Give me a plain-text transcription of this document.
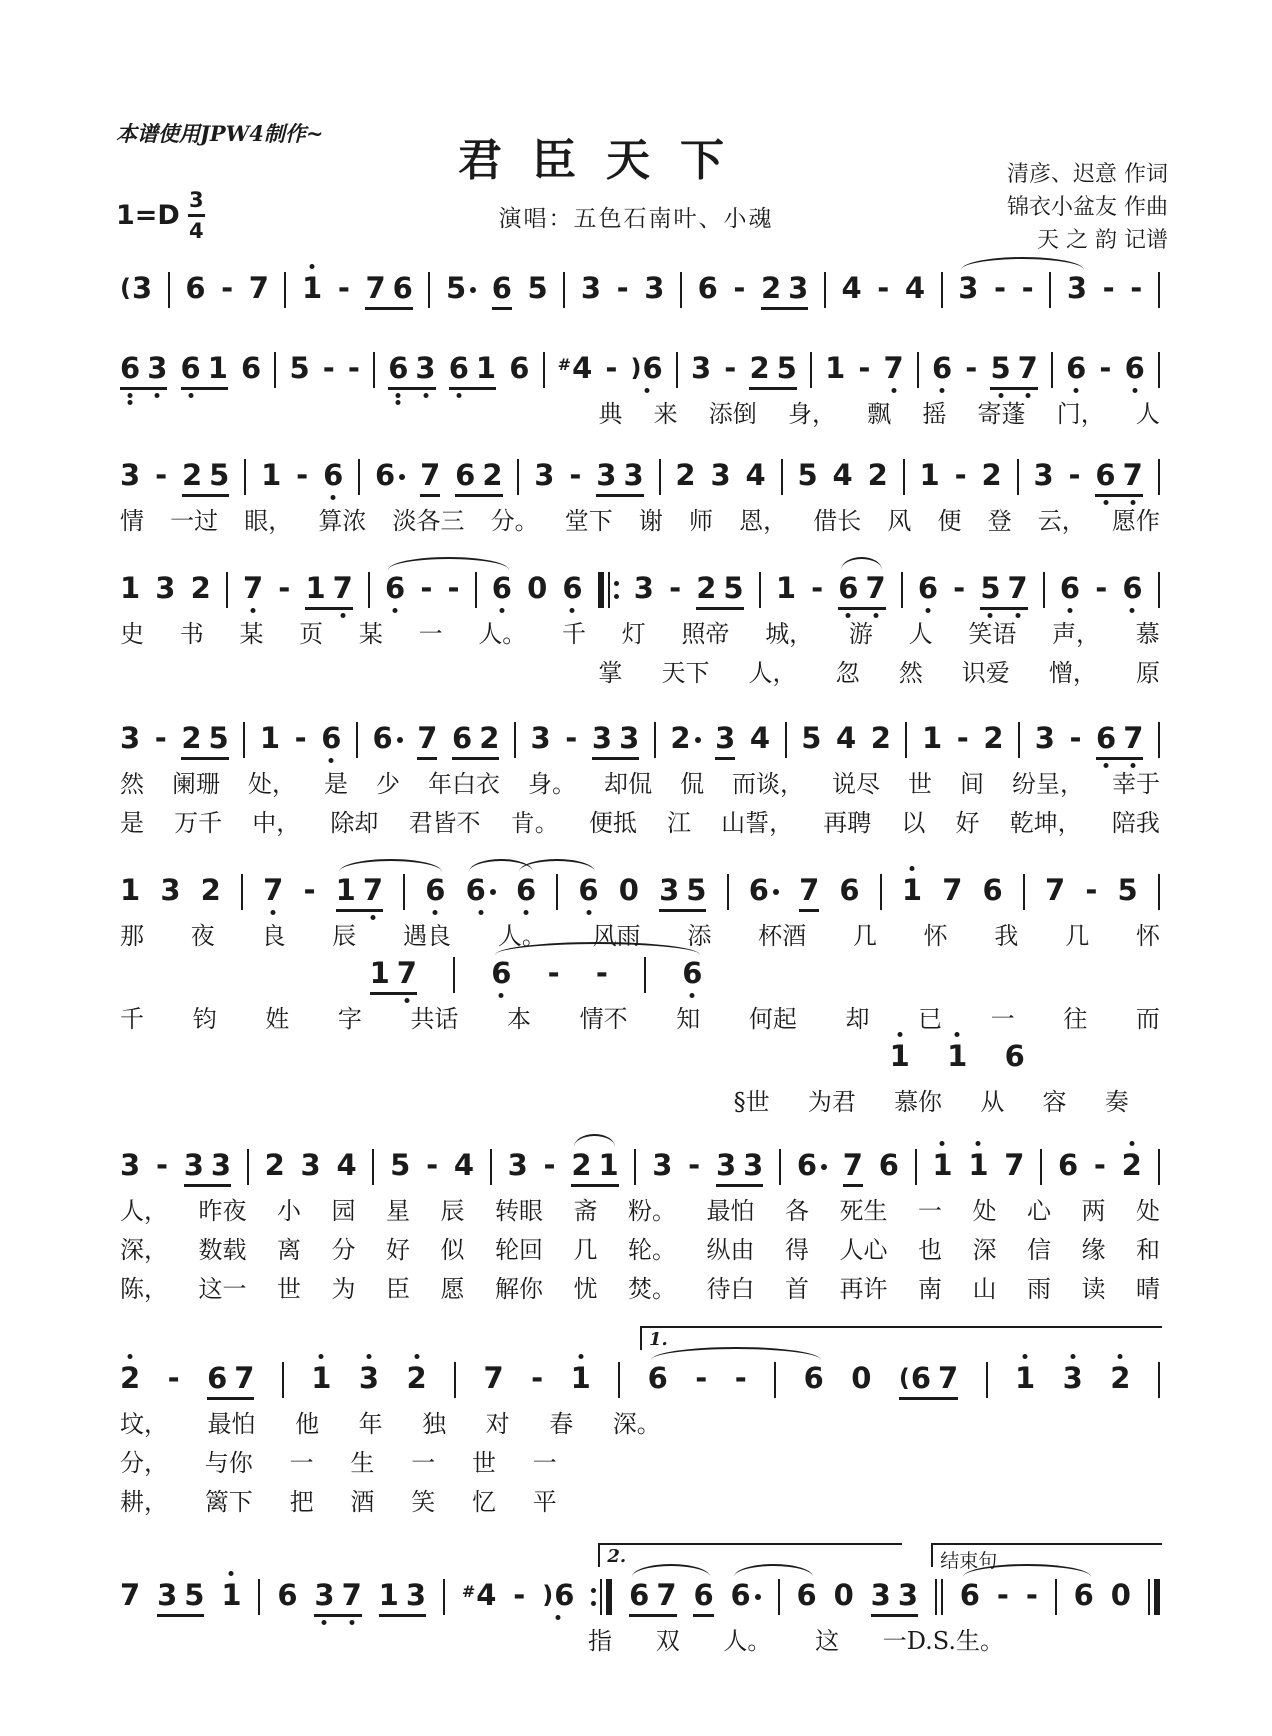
本谱使用JPW4制作~
君臣天下	清彦、迟意 作词
锦衣小盆友 作曲
天 之 韵 记谱
1=D 3
4	演唱：五色石南叶、小魂
( 3 6 - 7 1 - 7 6 5 6 5 3 - 3 6 - 2 3 4 - 4 3 - - 3 - -
6 3 6 1 6 5 - - 6 3 6 1 6 # 4 - ) 6 3 - 2 5 1 - 7 6 - 5 7 6 - 6
典 来 添倒 身， 飘 摇 寄蓬 门， 人
3 - 2 5 1 - 6 6 7 6 2 3 - 3 3 2 3 4 5 4 2 1 - 2 3 - 6 7
情 一过 眼， 算浓 淡各三 分。 堂下 谢 师 恩， 借长 风 便 登 云， 愿作
1 3 2 7 - 1 7 6 - - 6 0 6 3 - 2 5 1 - 6 7 6 - 5 7 6 - 6
史 书 某 页 某 一 人。 千 灯 照帝 城， 游 人 笑语 声， 慕
掌 天下 人， 忽 然 识爱 憎， 原
3 - 2 5 1 - 6 6 7 6 2 3 - 3 3 2 3 4 5 4 2 1 - 2 3 - 6 7
然 阑珊 处， 是 少 年白衣 身。 却侃 侃 而谈， 说尽 世 间 纷呈， 幸于
是 万千 中， 除却 君皆不 肯。 便抵 江 山誓， 再聘 以 好 乾坤， 陪我
1 3 2 7 - 1 7 6 6 6 6 0 3 5 6 7 6 1 7 6 7 - 5
那 夜 良 辰 遇良 人。 风雨 添 杯酒 几 怀 我 几 怀
1 7	6 - -	6
千 钧 姓 字 共话 本 情不 知 何起 却 已 一 往 而
1 1 6
§世 为君 慕你 从 容 奏
3 - 3 3 2 3 4 5 - 4 3 - 2 1 3 - 3 3 6 7 6 1 1 7 6 - 2
人， 昨夜 小 园 星 辰 转眼 斋 粉。 最怕 各 死生 一 处 心 两 处
深， 数载 离 分 好 似 轮回 几 轮。 纵由 得 人心 也 深 信 缘 和
陈， 这一 世 为 臣 愿 解你 忧 焚。 待白 首 再许 南 山 雨 读 晴
2 - 6 7 1 3 2 7 - 1 6 - - 6 0 ( 6 7 1 3 2
1.
坟， 最怕 他 年 独 对 春 深。
分， 与你 一 生 一 世 一
耕， 篱下 把 酒 笑 忆 平
7 3 5 1 6 3 7 1 3 # 4 - ) 6 6 7 6 6 6 0 3 3 6 - - 6 0
2.	结束句
指 双 人。 这 一D.S.生。
